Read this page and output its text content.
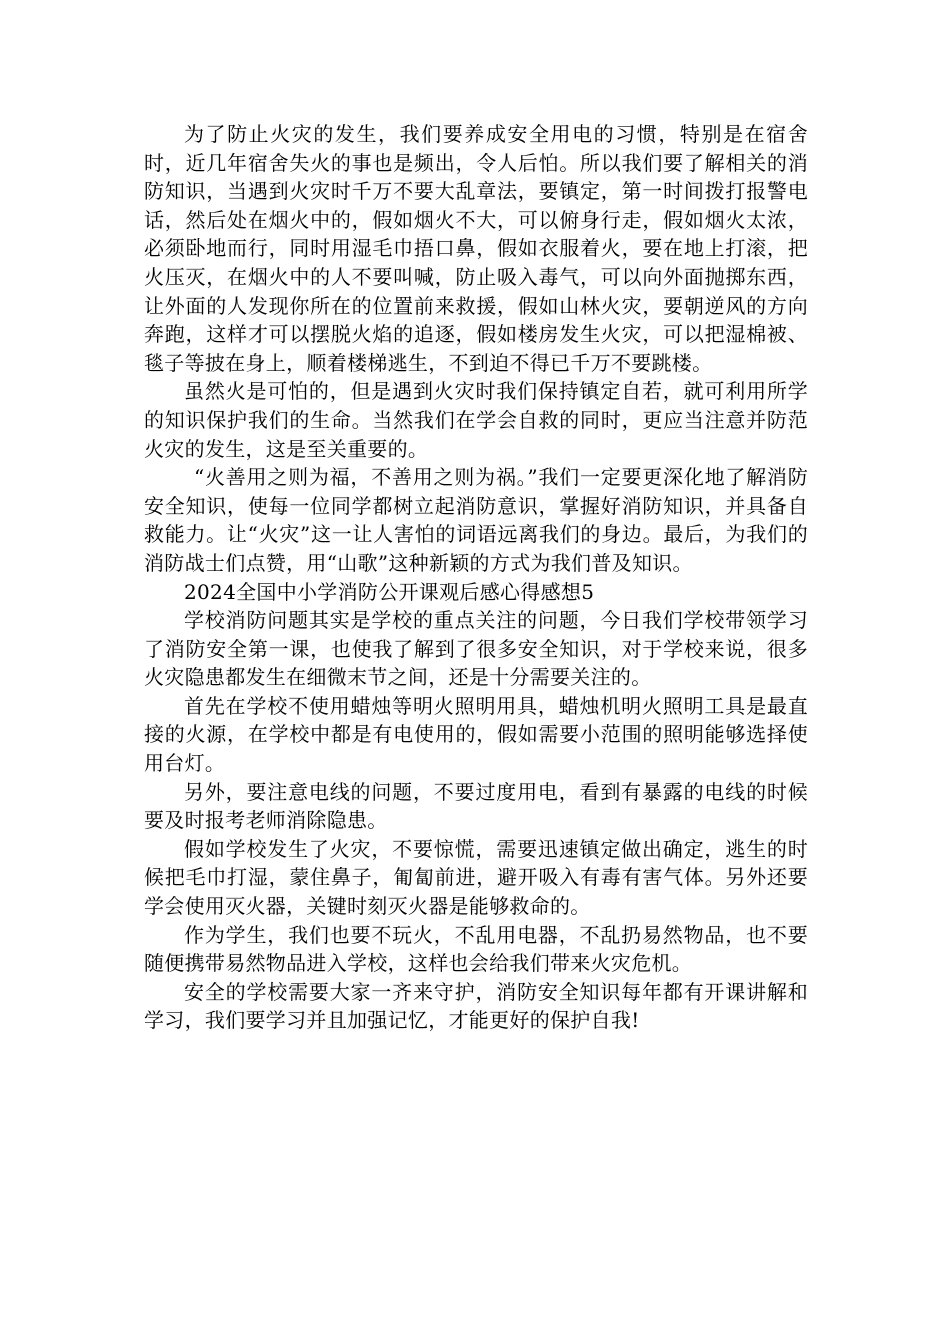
为了防止火灾的发生，我们要养成安全用电的习惯，特别是在宿舍时，近几年宿舍失火的事也是频出，令人后怕。所以我们要了解相关的消防知识，当遇到火灾时千万不要大乱章法，要镇定，第一时间拨打报警电话，然后处在烟火中的，假如烟火不大，可以俯身行走，假如烟火太浓，必须卧地而行，同时用湿毛巾捂口鼻，假如衣服着火，要在地上打滚，把火压灭，在烟火中的人不要叫喊，防止吸入毒气，可以向外面抛掷东西，让外面的人发现你所在的位置前来救援，假如山林火灾，要朝逆风的方向奔跑，这样才可以摆脱火焰的追逐，假如楼房发生火灾，可以把湿棉被、毯子等披在身上，顺着楼梯逃生，不到迫不得已千万不要跳楼。

虽然火是可怕的，但是遇到火灾时我们保持镇定自若，就可利用所学的知识保护我们的生命。当然我们在学会自救的同时，更应当注意并防范火灾的发生，这是至关重要的。

“火善用之则为福，不善用之则为祸。”我们一定要更深化地了解消防安全知识，使每一位同学都树立起消防意识，掌握好消防知识，并具备自救能力。让“火灾”这一让人害怕的词语远离我们的身边。最后，为我们的消防战士们点赞，用“山歌”这种新颖的方式为我们普及知识。

2024全国中小学消防公开课观后感心得感想5

学校消防问题其实是学校的重点关注的问题，今日我们学校带领学习了消防安全第一课，也使我了解到了很多安全知识，对于学校来说，很多火灾隐患都发生在细微末节之间，还是十分需要关注的。

首先在学校不使用蜡烛等明火照明用具，蜡烛机明火照明工具是最直接的火源，在学校中都是有电使用的，假如需要小范围的照明能够选择使用台灯。

另外，要注意电线的问题，不要过度用电，看到有暴露的电线的时候要及时报考老师消除隐患。

假如学校发生了火灾，不要惊慌，需要迅速镇定做出确定，逃生的时候把毛巾打湿，蒙住鼻子，匍匐前进，避开吸入有毒有害气体。另外还要学会使用灭火器，关键时刻灭火器是能够救命的。

作为学生，我们也要不玩火，不乱用电器，不乱扔易然物品，也不要随便携带易然物品进入学校，这样也会给我们带来火灾危机。

安全的学校需要大家一齐来守护，消防安全知识每年都有开课讲解和学习，我们要学习并且加强记忆，才能更好的保护自我!
